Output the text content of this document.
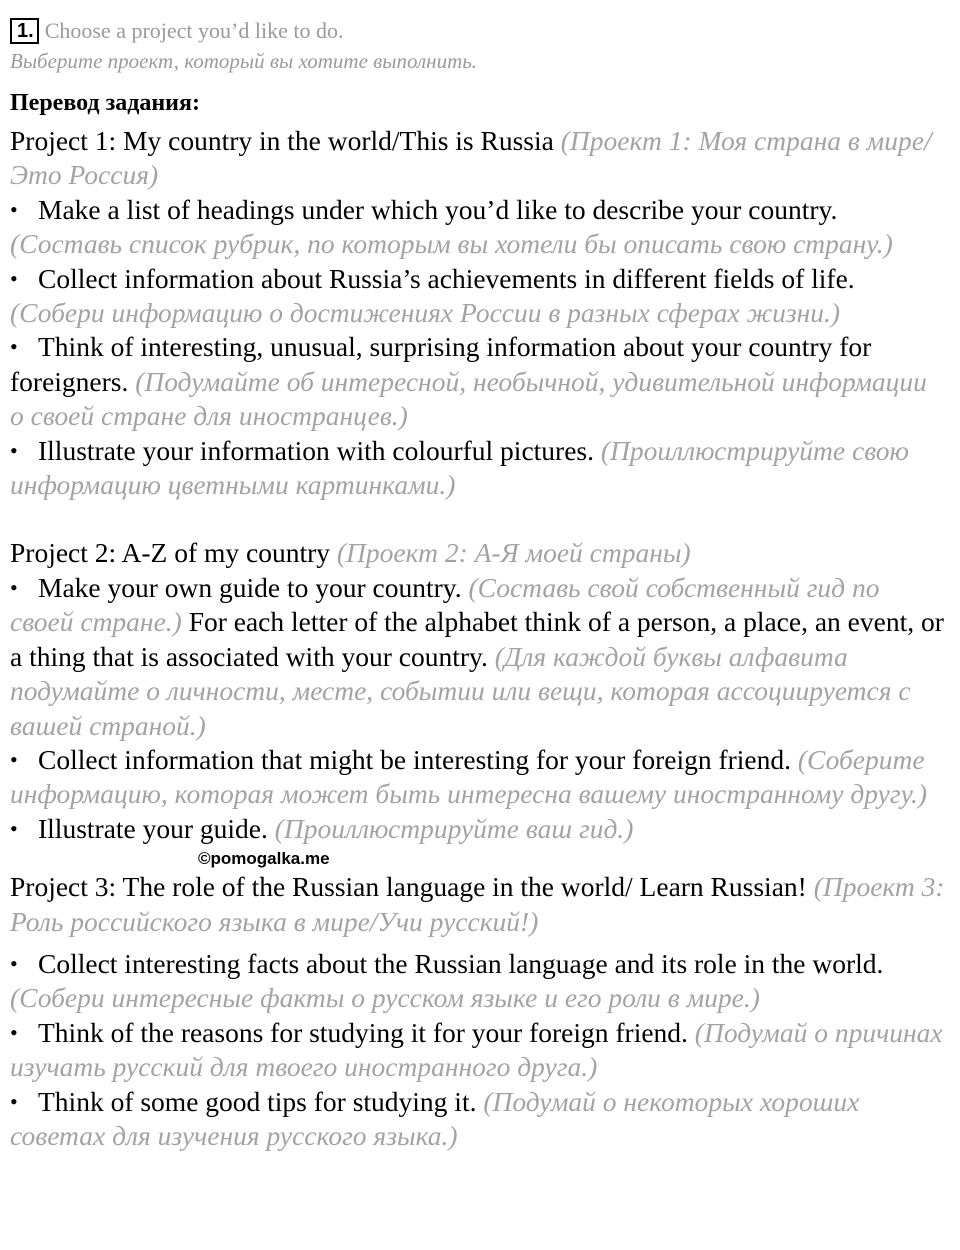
1. Choose a project you’d like to do.
Выберите проект, который вы хотите выполнить.
Перевод задания:

Project 1: My country in the world/This is Russia (Проект 1: Моя страна в мире/Это Россия)

• Make a list of headings under which you’d like to describe your country. (Составь список рубрик, по которым вы хотели бы описать свою страну.)

• Collect information about Russia’s achievements in different fields of life. (Собери информацию о достижениях России в разных сферах жизни.)

• Think of interesting, unusual, surprising information about your country for foreigners. (Подумайте об интересной, необычной, удивительной информации о своей стране для иностранцев.)

• Illustrate your information with colourful pictures. (Проиллюстрируйте свою информацию цветными картинками.)

Project 2: A-Z of my country (Проект 2: А-Я моей страны)

• Make your own guide to your country. (Составь свой собственный гид по своей стране.) For each letter of the alphabet think of a person, a place, an event, or a thing that is associated with your country. (Для каждой буквы алфавита подумайте о личности, месте, событии или вещи, которая ассоциируется с вашей страной.)

• Collect information that might be interesting for your foreign friend. (Соберите информацию, которая может быть интересна вашему иностранному другу.)

• Illustrate your guide. (Проиллюстрируйте ваш гид.)

©pomogalka.me

Project 3: The role of the Russian language in the world/ Learn Russian! (Проект 3: Роль российского языка в мире/Учи русский!)

• Collect interesting facts about the Russian language and its role in the world. (Собери интересные факты о русском языке и его роли в мире.)

• Think of the reasons for studying it for your foreign friend. (Подумай о причинах изучать русский для твоего иностранного друга.)

• Think of some good tips for studying it. (Подумай о некоторых хороших советах для изучения русского языка.)
